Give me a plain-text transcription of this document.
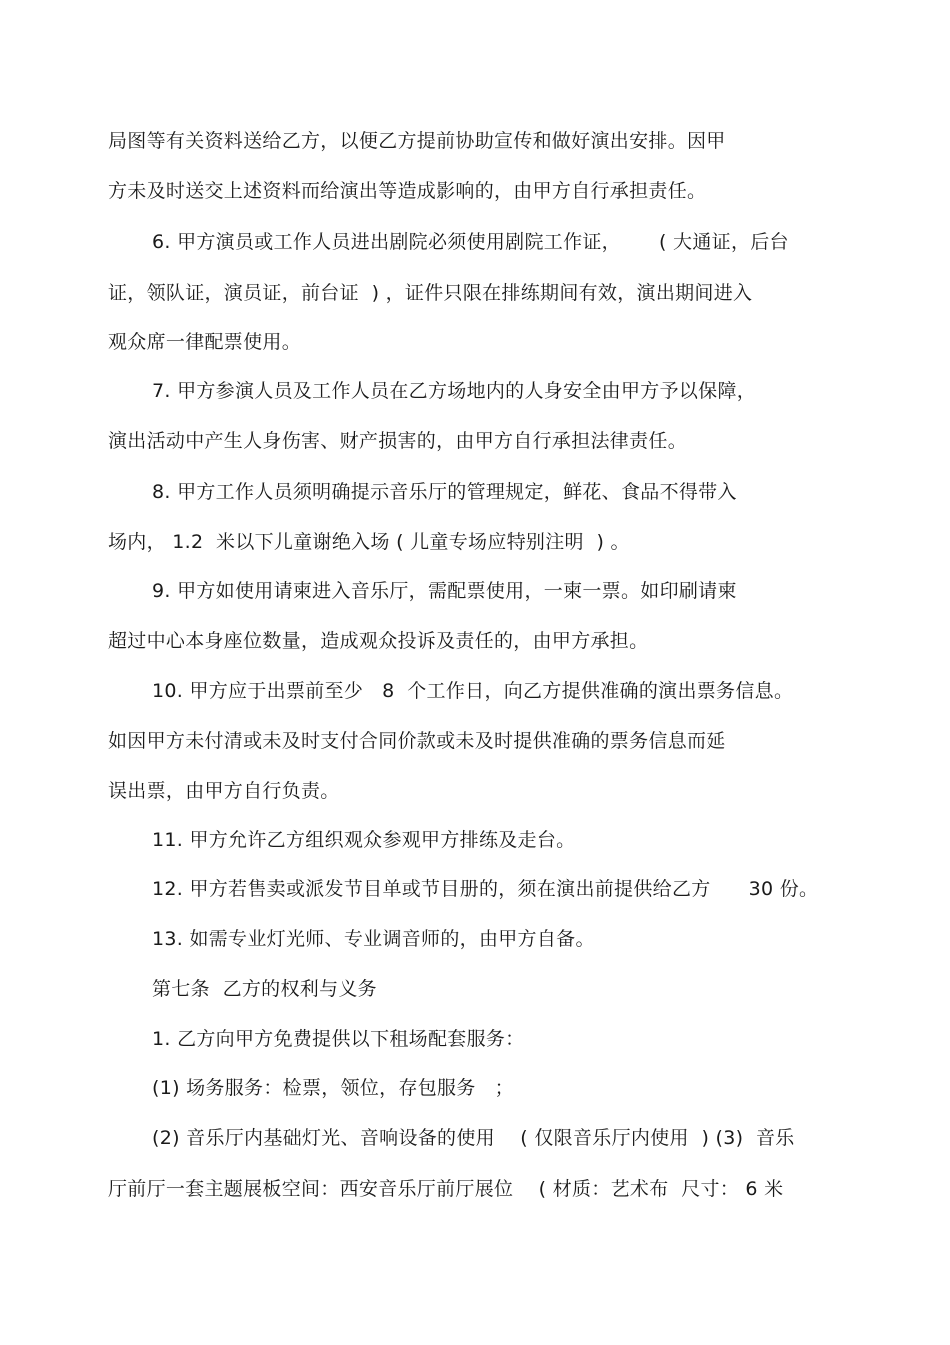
局图等有关资料送给乙方，以便乙方提前协助宣传和做好演出安排。因甲
方未及时送交上述资料而给演出等造成影响的，由甲方自行承担责任。
6. 甲方演员或工作人员进出剧院必须使用剧院工作证，      ( 大通证，后台
证，领队证，演员证，前台证  ) ，证件只限在排练期间有效，演出期间进入
观众席一律配票使用。
7. 甲方参演人员及工作人员在乙方场地内的人身安全由甲方予以保障，
演出活动中产生人身伤害、财产损害的，由甲方自行承担法律责任。
8. 甲方工作人员须明确提示音乐厅的管理规定，鲜花、食品不得带入
场内， 1.2  米以下儿童谢绝入场 ( 儿童专场应特别注明  ) 。
9. 甲方如使用请柬进入音乐厅，需配票使用，一柬一票。如印刷请柬
超过中心本身座位数量，造成观众投诉及责任的，由甲方承担。
10. 甲方应于出票前至少   8  个工作日，向乙方提供准确的演出票务信息。
如因甲方未付清或未及时支付合同价款或未及时提供准确的票务信息而延
误出票，由甲方自行负责。
11. 甲方允许乙方组织观众参观甲方排练及走台。
12. 甲方若售卖或派发节目单或节目册的，须在演出前提供给乙方      30 份。
13. 如需专业灯光师、专业调音师的，由甲方自备。
第七条  乙方的权利与义务
1. 乙方向甲方免费提供以下租场配套服务：
(1) 场务服务：检票，领位，存包服务   ；
(2) 音乐厅内基础灯光、音响设备的使用    ( 仅限音乐厅内使用  ) (3)  音乐
厅前厅一套主题展板空间：西安音乐厅前厅展位    ( 材质：艺术布  尺寸： 6 米
